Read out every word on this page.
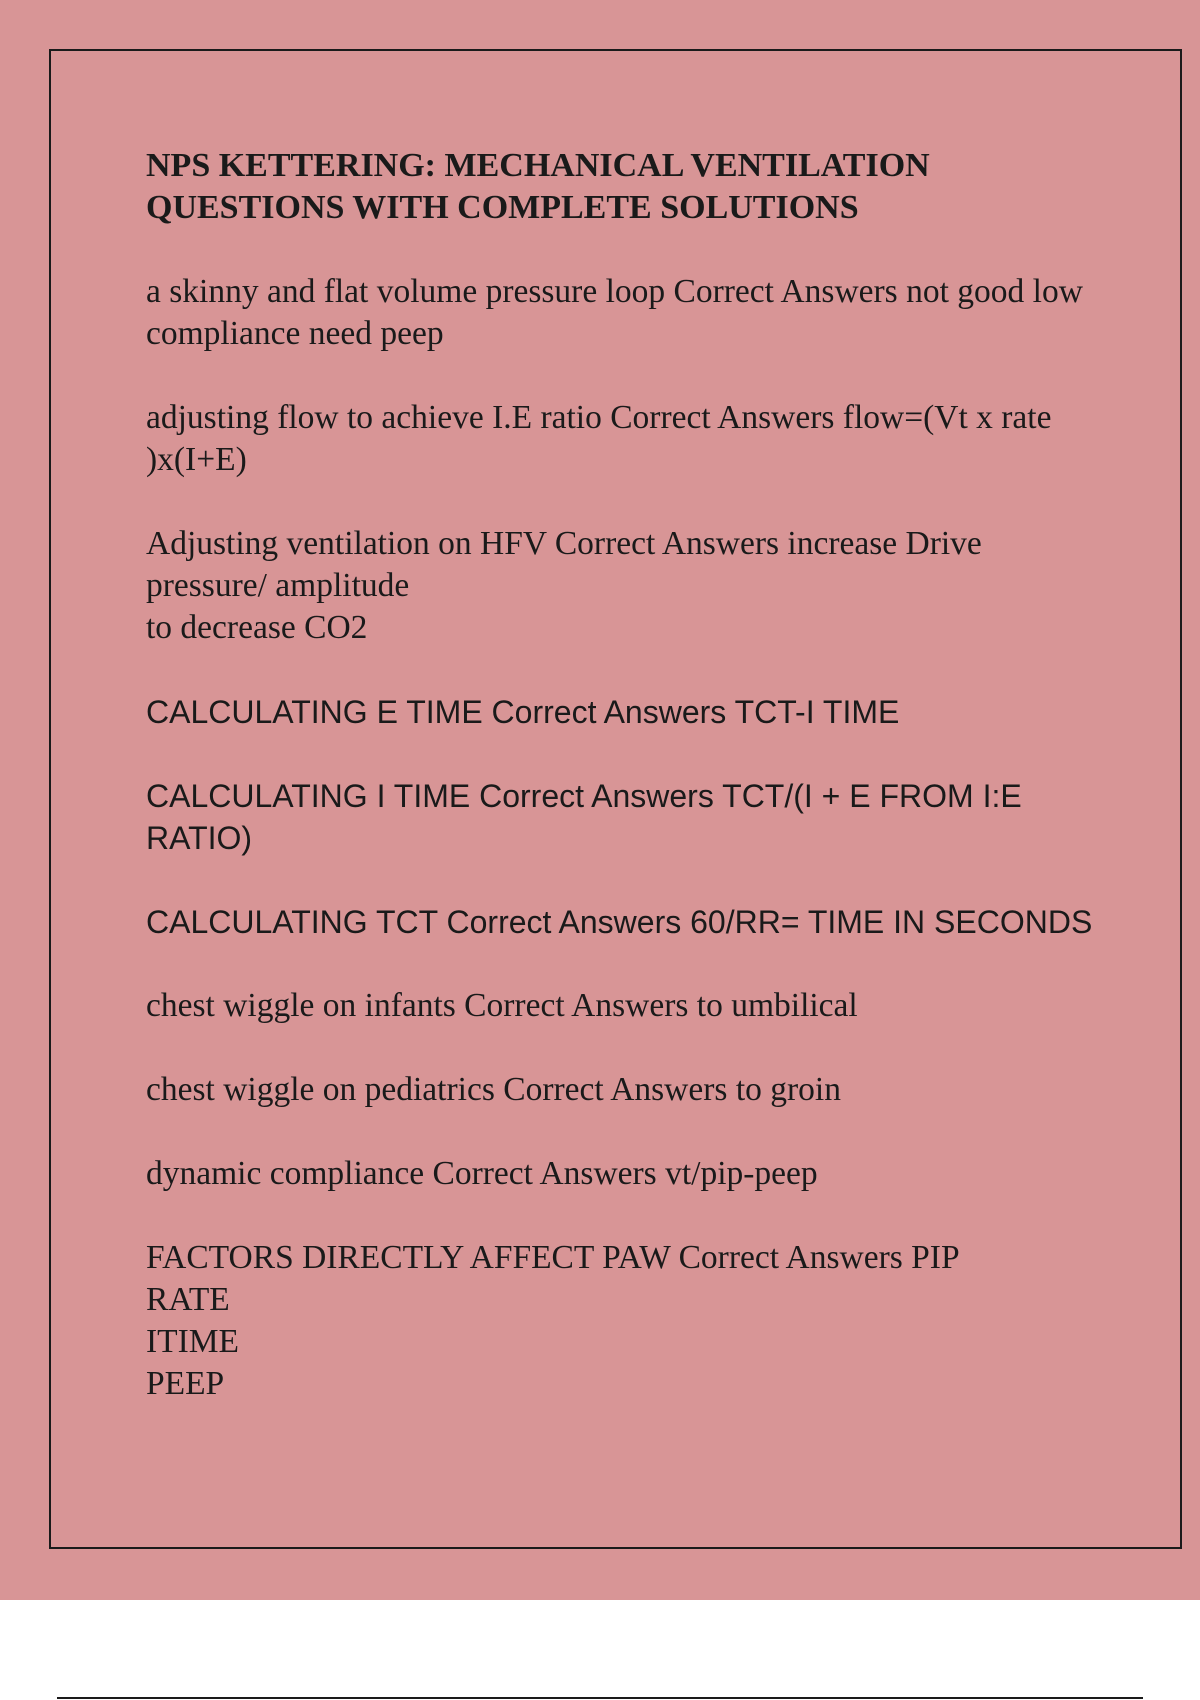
NPS KETTERING: MECHANICAL VENTILATION QUESTIONS WITH COMPLETE SOLUTIONS
a skinny and flat volume pressure loop Correct Answers not good low compliance need peep
adjusting flow to achieve I.E ratio Correct Answers flow=(Vt x rate )x(I+E)
Adjusting ventilation on HFV Correct Answers increase Drive pressure/ amplitude
to decrease CO2
CALCULATING E TIME Correct Answers TCT-I TIME
CALCULATING I TIME Correct Answers TCT/(I + E FROM I:E RATIO)
CALCULATING TCT Correct Answers 60/RR= TIME IN SECONDS
chest wiggle on infants Correct Answers to umbilical
chest wiggle on pediatrics Correct Answers to groin
dynamic compliance Correct Answers vt/pip-peep
FACTORS DIRECTLY AFFECT PAW Correct Answers PIP
RATE
ITIME
PEEP
